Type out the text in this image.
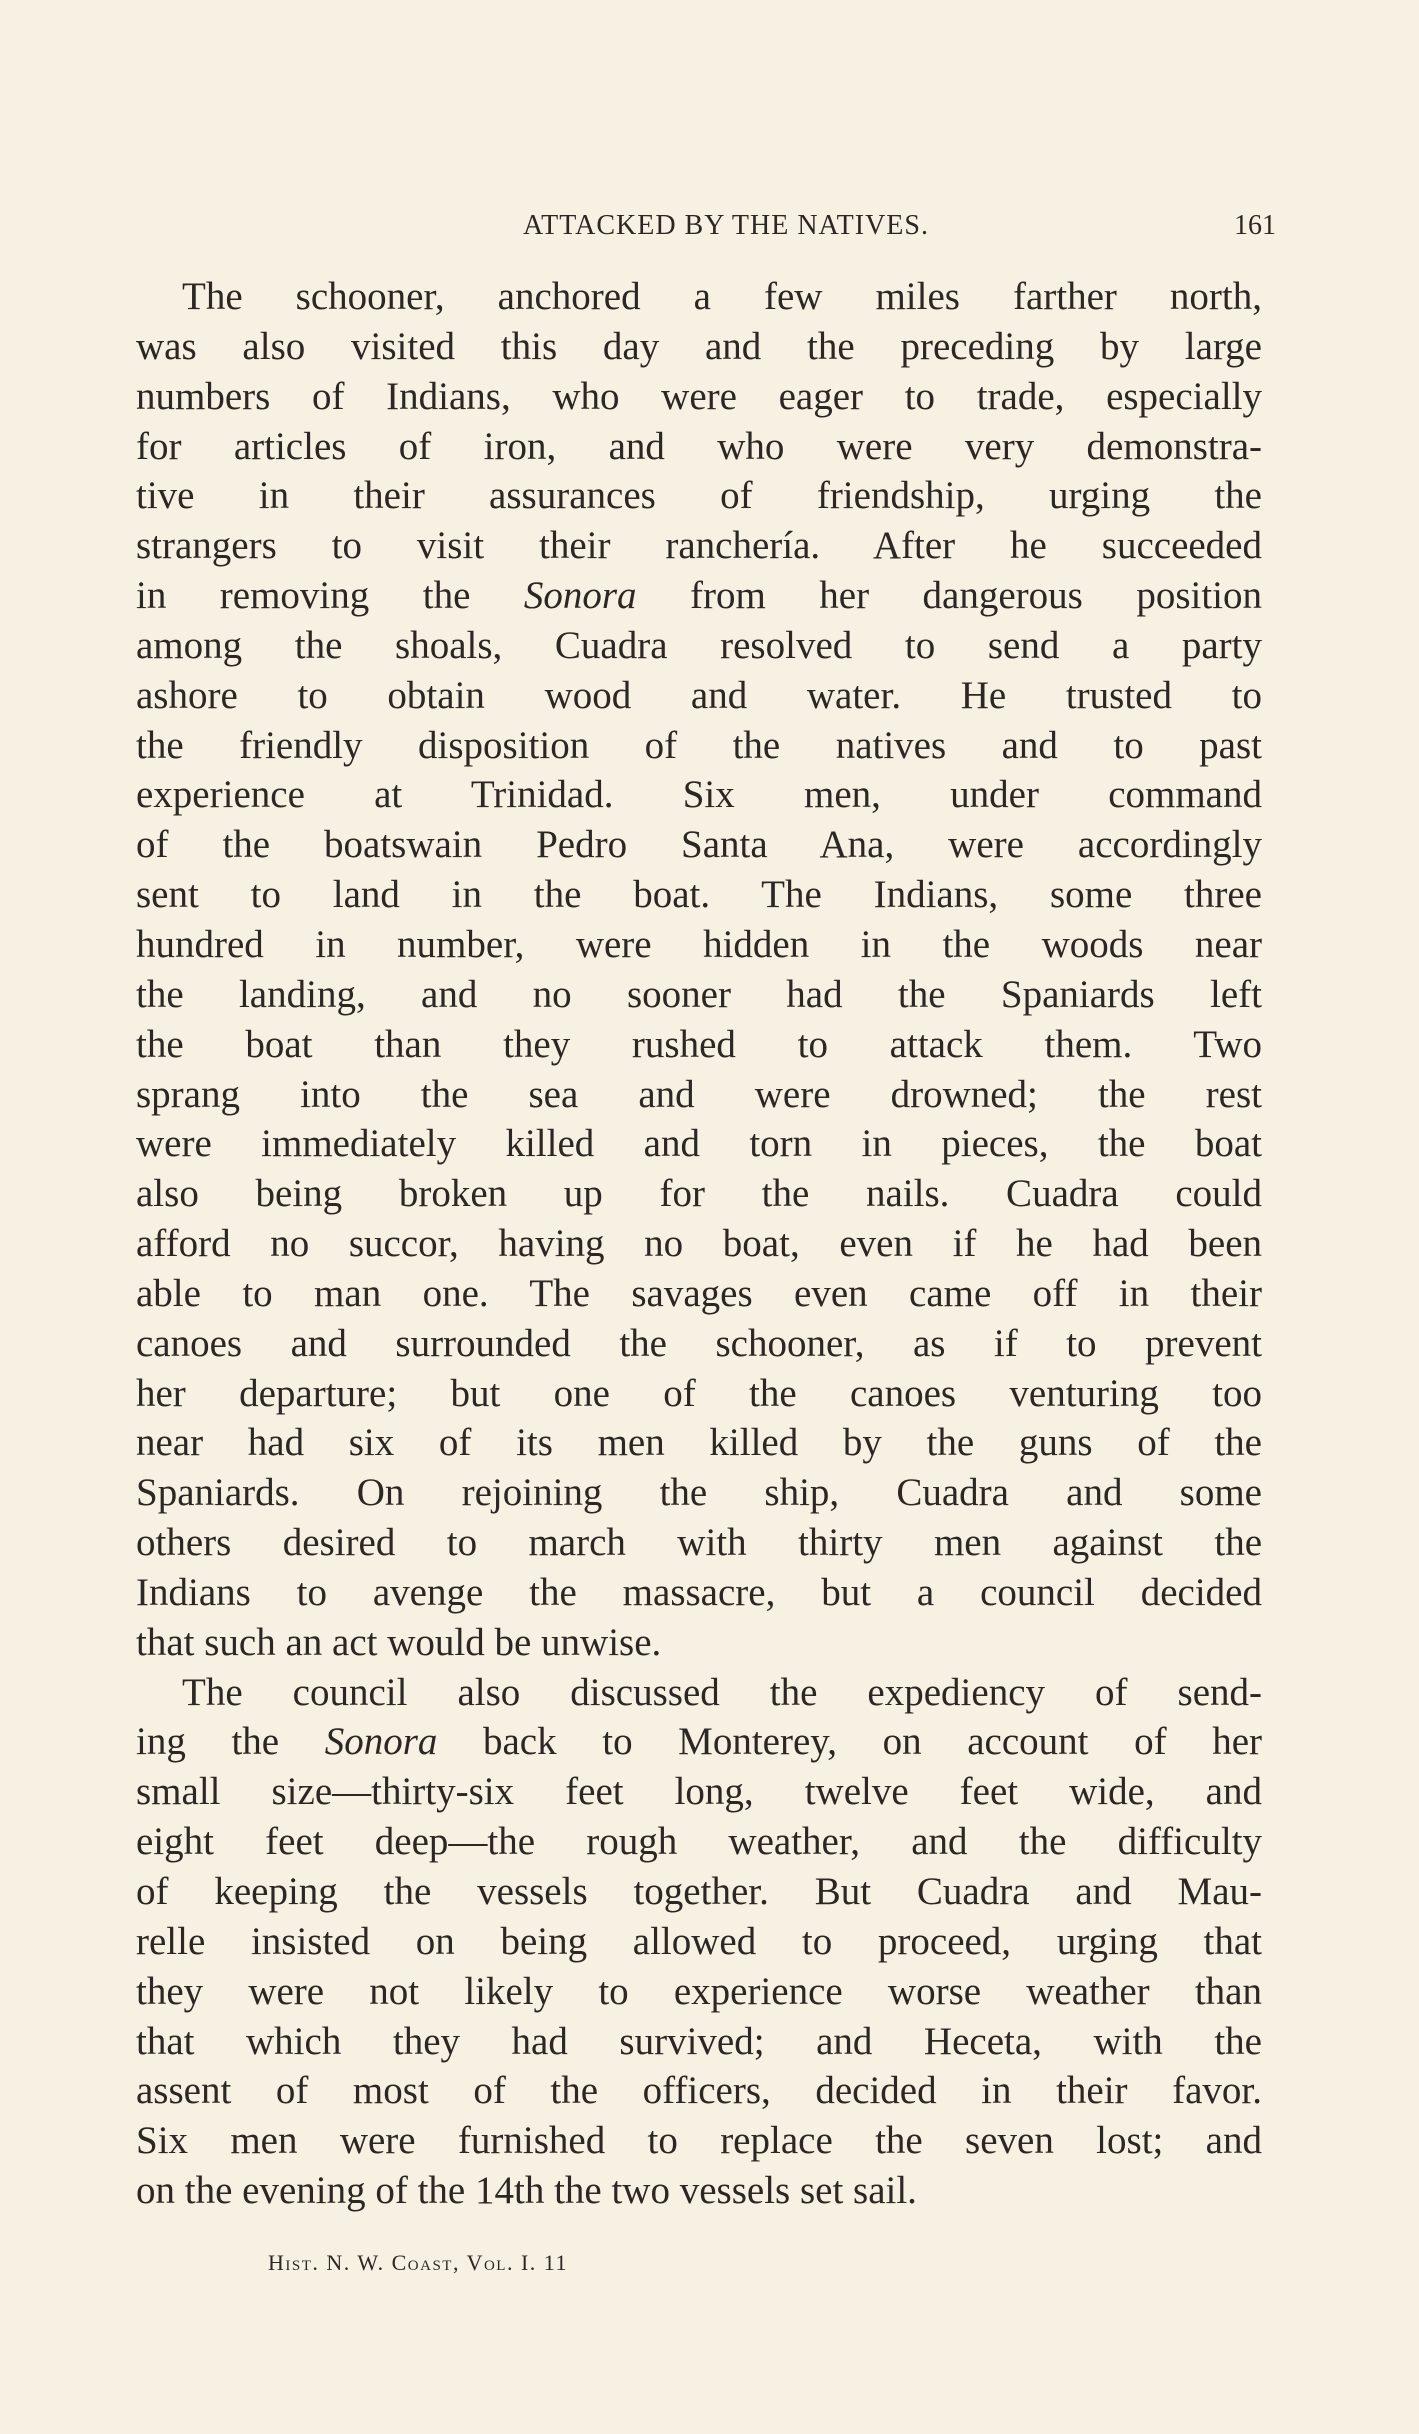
ATTACKED BY THE NATIVES.	161
The schooner, anchored a few miles farther north,
was also visited this day and the preceding by large
numbers of Indians, who were eager to trade, especially
for articles of iron, and who were very demonstra-
tive in their assurances of friendship, urging the
strangers to visit their ranchería. After he succeeded
in removing the Sonora from her dangerous position
among the shoals, Cuadra resolved to send a party
ashore to obtain wood and water. He trusted to
the friendly disposition of the natives and to past
experience at Trinidad. Six men, under command
of the boatswain Pedro Santa Ana, were accordingly
sent to land in the boat. The Indians, some three
hundred in number, were hidden in the woods near
the landing, and no sooner had the Spaniards left
the boat than they rushed to attack them. Two
sprang into the sea and were drowned; the rest
were immediately killed and torn in pieces, the boat
also being broken up for the nails. Cuadra could
afford no succor, having no boat, even if he had been
able to man one. The savages even came off in their
canoes and surrounded the schooner, as if to prevent
her departure; but one of the canoes venturing too
near had six of its men killed by the guns of the
Spaniards. On rejoining the ship, Cuadra and some
others desired to march with thirty men against the
Indians to avenge the massacre, but a council decided
that such an act would be unwise.
The council also discussed the expediency of send-
ing the Sonora back to Monterey, on account of her
small size—thirty-six feet long, twelve feet wide, and
eight feet deep—the rough weather, and the difficulty
of keeping the vessels together. But Cuadra and Mau-
relle insisted on being allowed to proceed, urging that
they were not likely to experience worse weather than
that which they had survived; and Heceta, with the
assent of most of the officers, decided in their favor.
Six men were furnished to replace the seven lost; and
on the evening of the 14th the two vessels set sail.
Hist. N. W. Coast, Vol. I. 11
